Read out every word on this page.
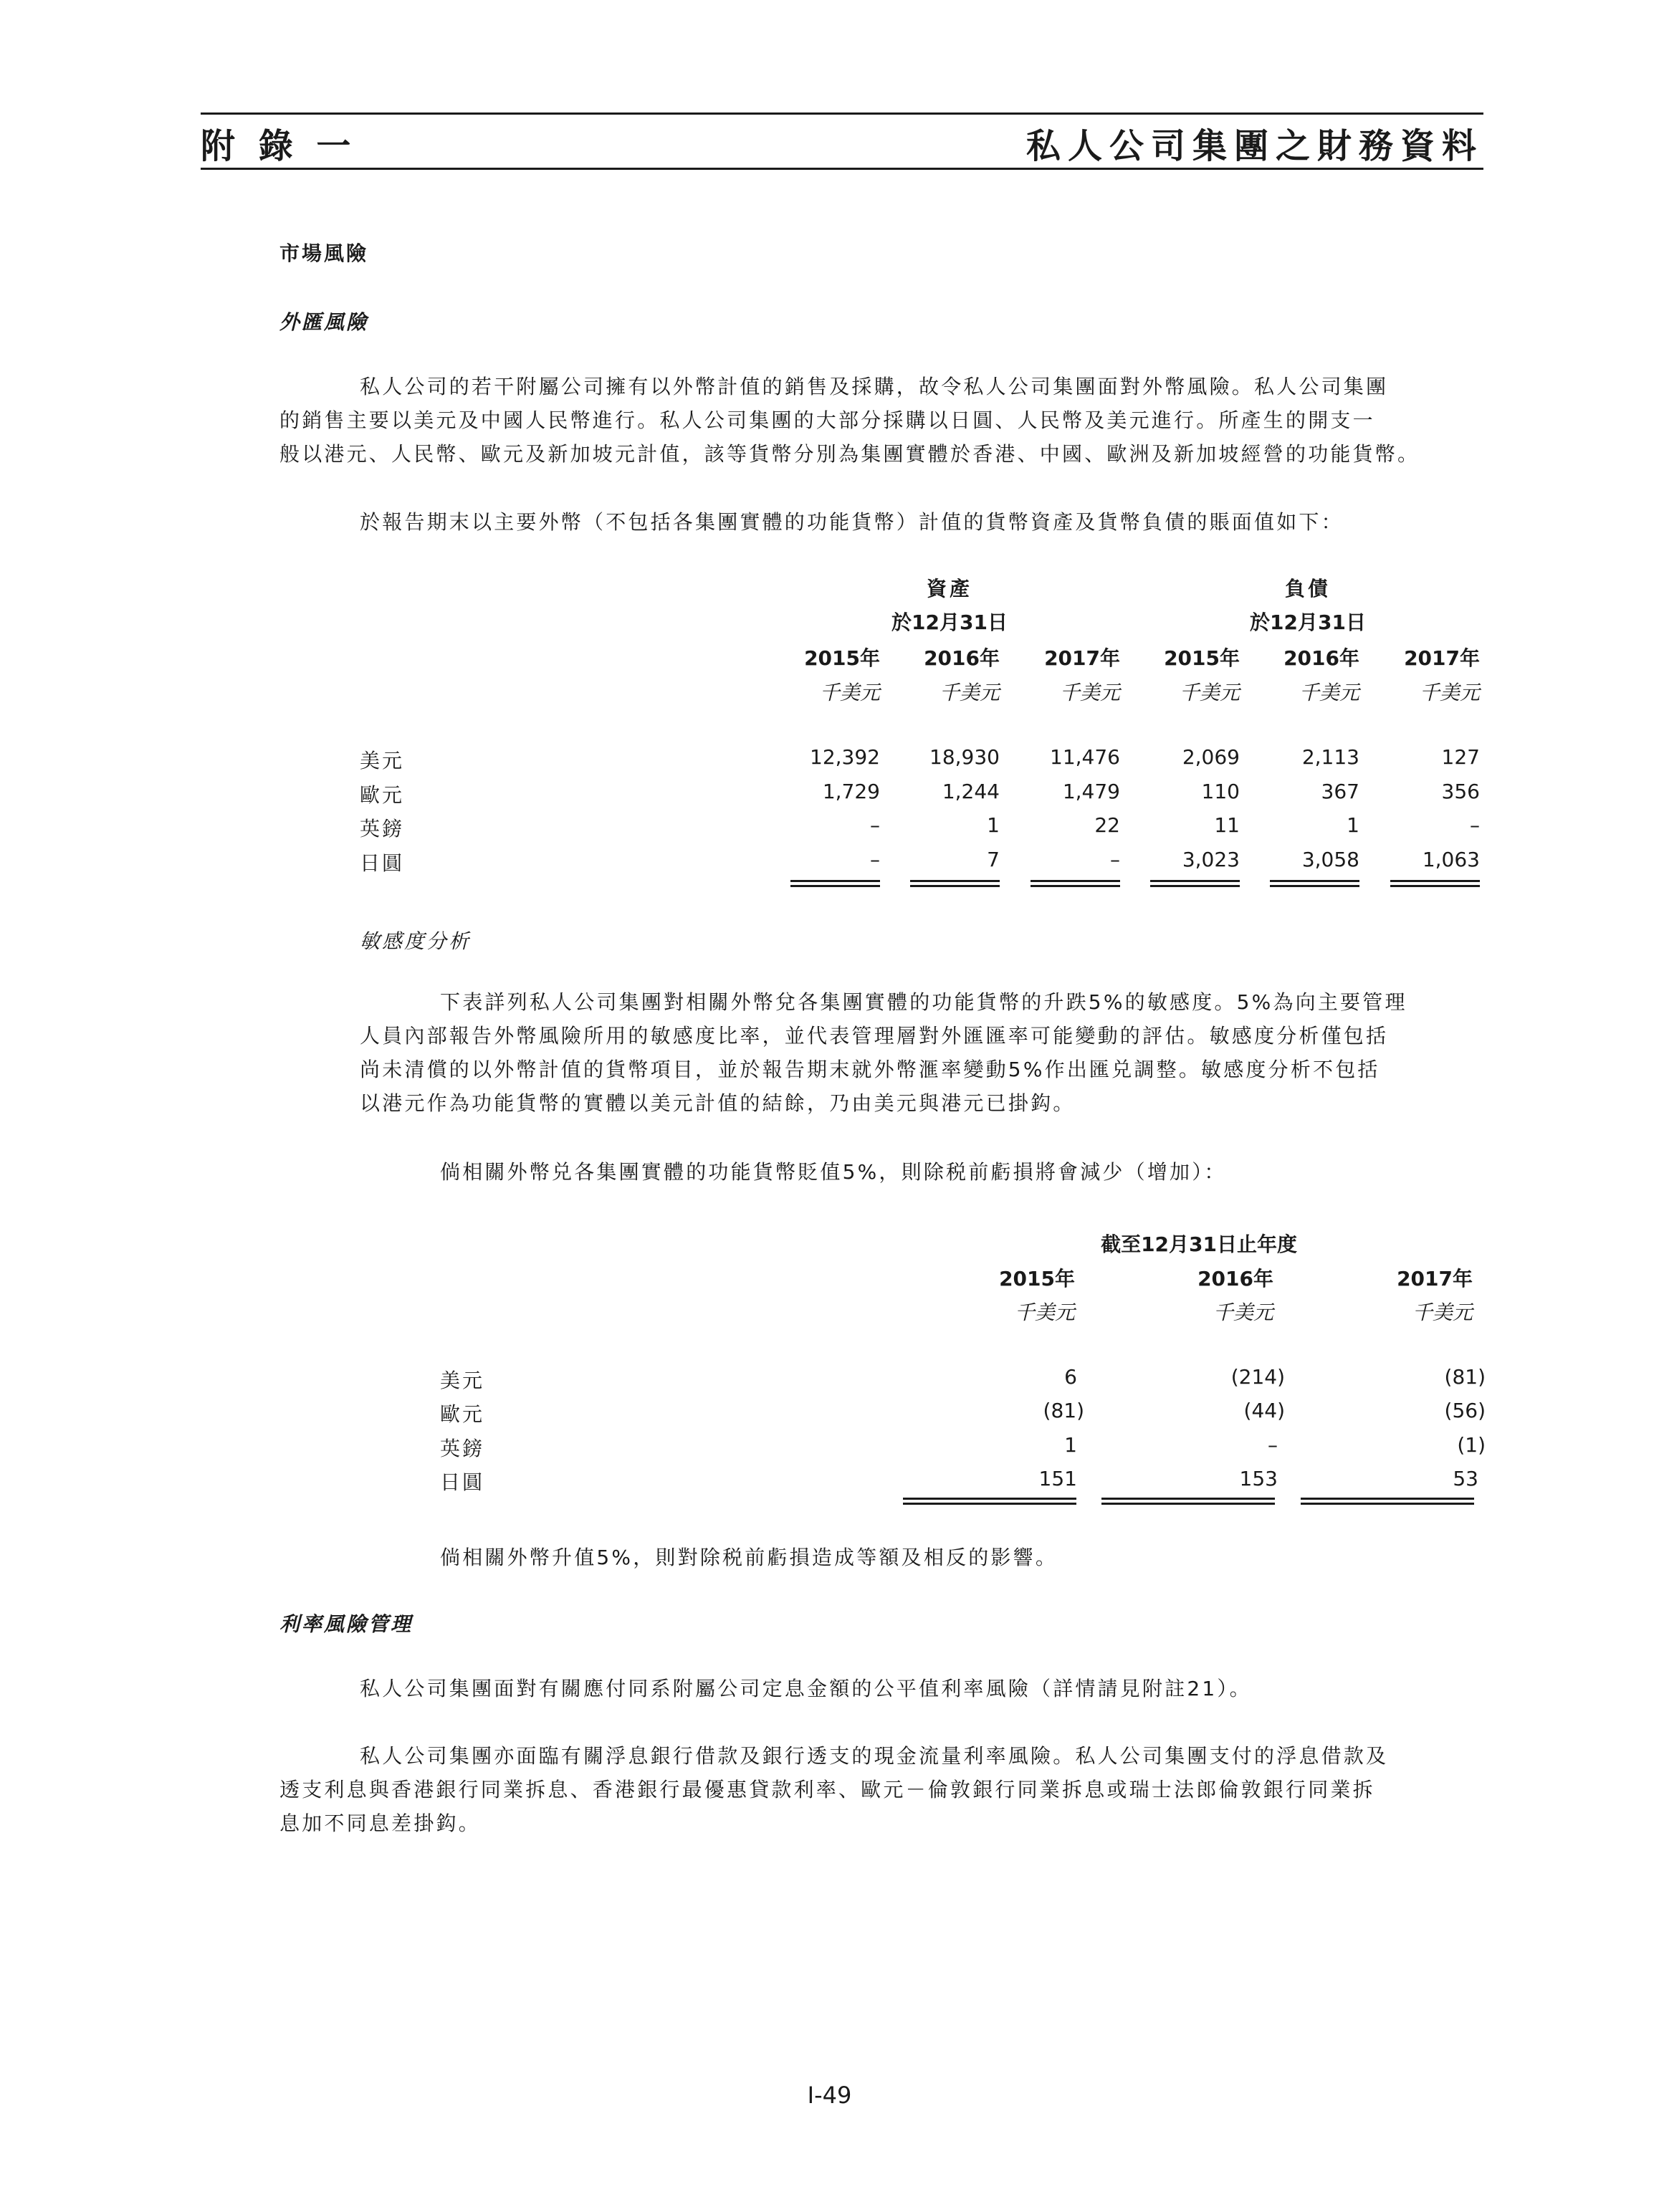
附 錄 一	私人公司集團之財務資料
市場風險
外匯風險
私人公司的若干附屬公司擁有以外幣計值的銷售及採購，故令私人公司集團面對外幣風險。私人公司集團
的銷售主要以美元及中國人民幣進行。私人公司集團的大部分採購以日圓、人民幣及美元進行。所產生的開支一
般以港元、人民幣、歐元及新加坡元計值，該等貨幣分別為集團實體於香港、中國、歐洲及新加坡經營的功能貨幣。
於報告期末以主要外幣（不包括各集團實體的功能貨幣）計值的貨幣資產及貨幣負債的賬面值如下：
資產	負債
於12月31日	於12月31日
2015年	2016年	2017年	2015年	2016年	2017年
千美元	千美元	千美元	千美元	千美元	千美元
美元	12,392	18,930	11,476	2,069	2,113	127
歐元	1,729	1,244	1,479	110	367	356
英鎊	–	1	22	11	1	–
日圓	–	7	–	3,023	3,058	1,063
敏感度分析
下表詳列私人公司集團對相關外幣兌各集團實體的功能貨幣的升跌5%的敏感度。5%為向主要管理
人員內部報告外幣風險所用的敏感度比率，並代表管理層對外匯匯率可能變動的評估。敏感度分析僅包括
尚未清償的以外幣計值的貨幣項目，並於報告期末就外幣滙率變動5%作出匯兑調整。敏感度分析不包括
以港元作為功能貨幣的實體以美元計值的結餘，乃由美元與港元已掛鈎。
倘相關外幣兑各集團實體的功能貨幣貶值5%，則除税前虧損將會減少（增加）：
截至12月31日止年度
2015年	2016年	2017年
千美元	千美元	千美元
美元	6	(214)	(81)
歐元	(81)	(44)	(56)
英鎊	1	–	(1)
日圓	151	153	53
倘相關外幣升值5%，則對除税前虧損造成等額及相反的影響。
利率風險管理
私人公司集團面對有關應付同系附屬公司定息金額的公平值利率風險（詳情請見附註21）。
私人公司集團亦面臨有關浮息銀行借款及銀行透支的現金流量利率風險。私人公司集團支付的浮息借款及
透支利息與香港銀行同業拆息、香港銀行最優惠貸款利率、歐元－倫敦銀行同業拆息或瑞士法郎倫敦銀行同業拆
息加不同息差掛鈎。
I-49
